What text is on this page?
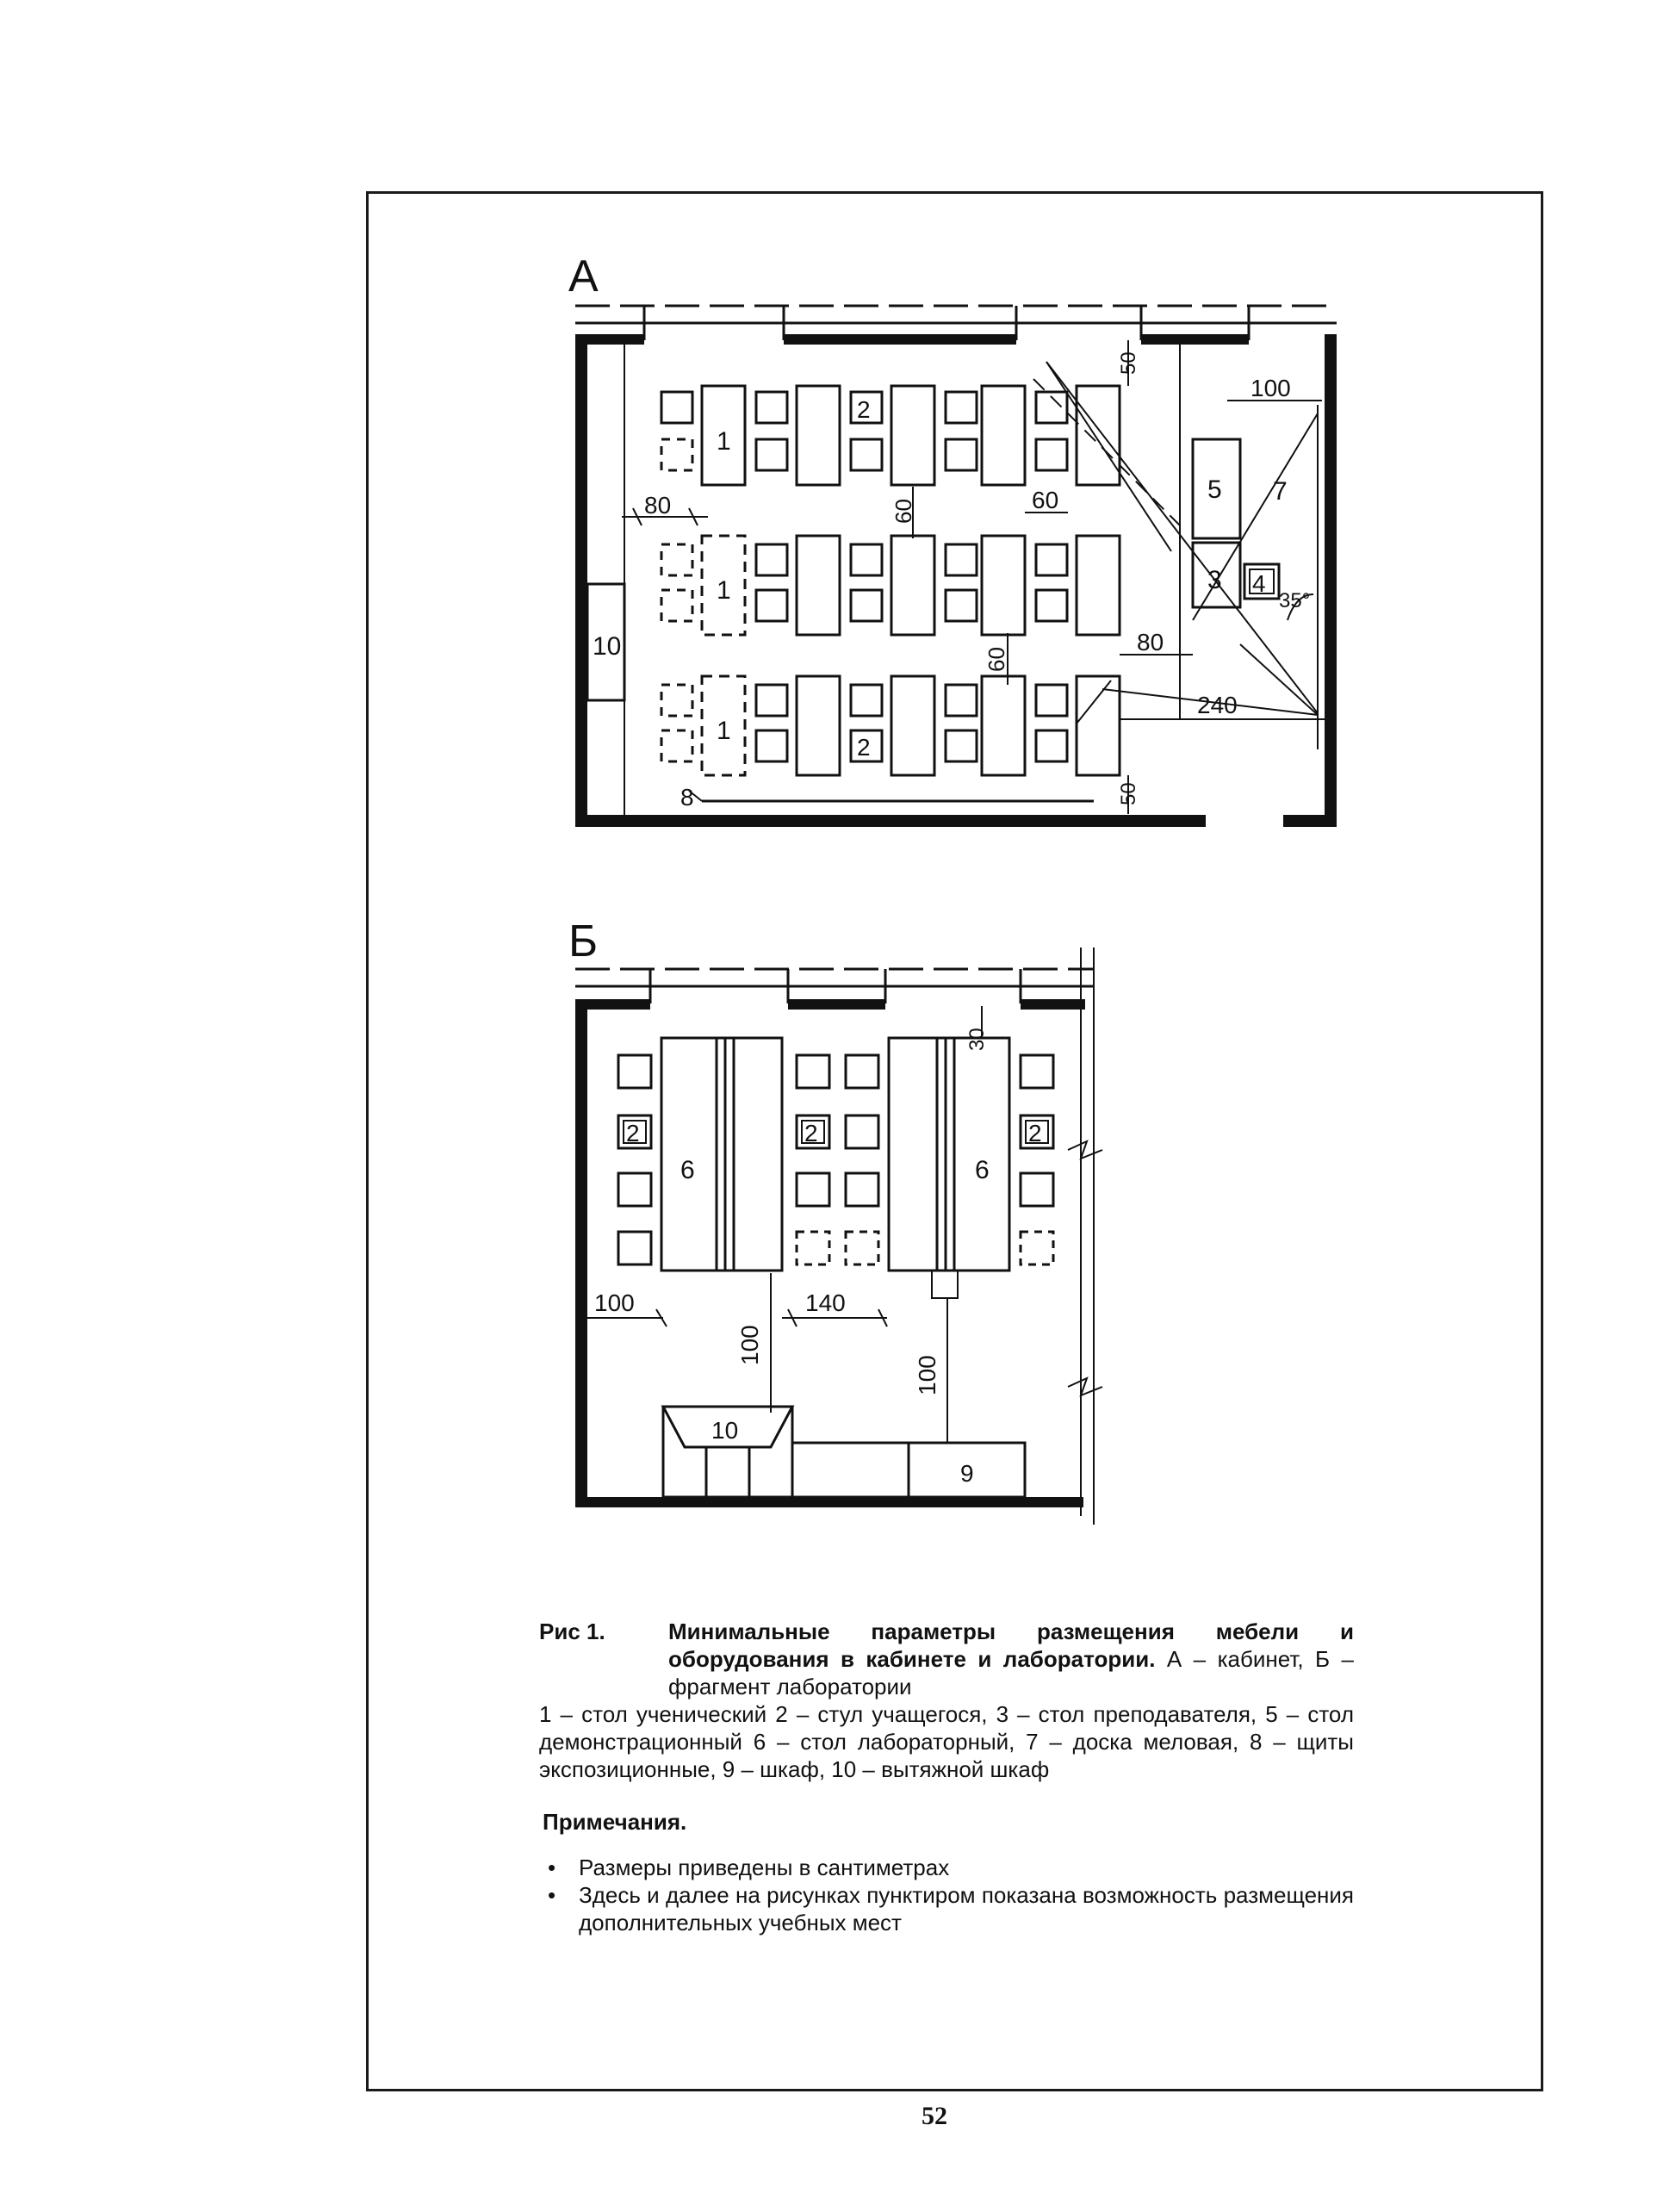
А
10
1
2
1
1
2
5
3 4
7
35°
8
80	60	60
60
50
50
100
80
240
Б
2
6
2
6
2
10
9
30
100	140
100
100
Рис 1.	Минимальные параметры размещения мебели и оборудования в кабинете и лаборатории. А – кабинет, Б – фрагмент лаборатории
1 – стол ученический 2 – стул учащегося, 3 – стол преподавателя, 5 – стол демонстрационный 6 – стол лабораторный, 7 – доска меловая, 8 – щиты экспозиционные, 9 – шкаф, 10 – вытяжной шкаф
Примечания.
• Размеры приведены в сантиметрах
• Здесь и далее на рисунках пунктиром показана возможность размещения дополнительных учебных мест
52
